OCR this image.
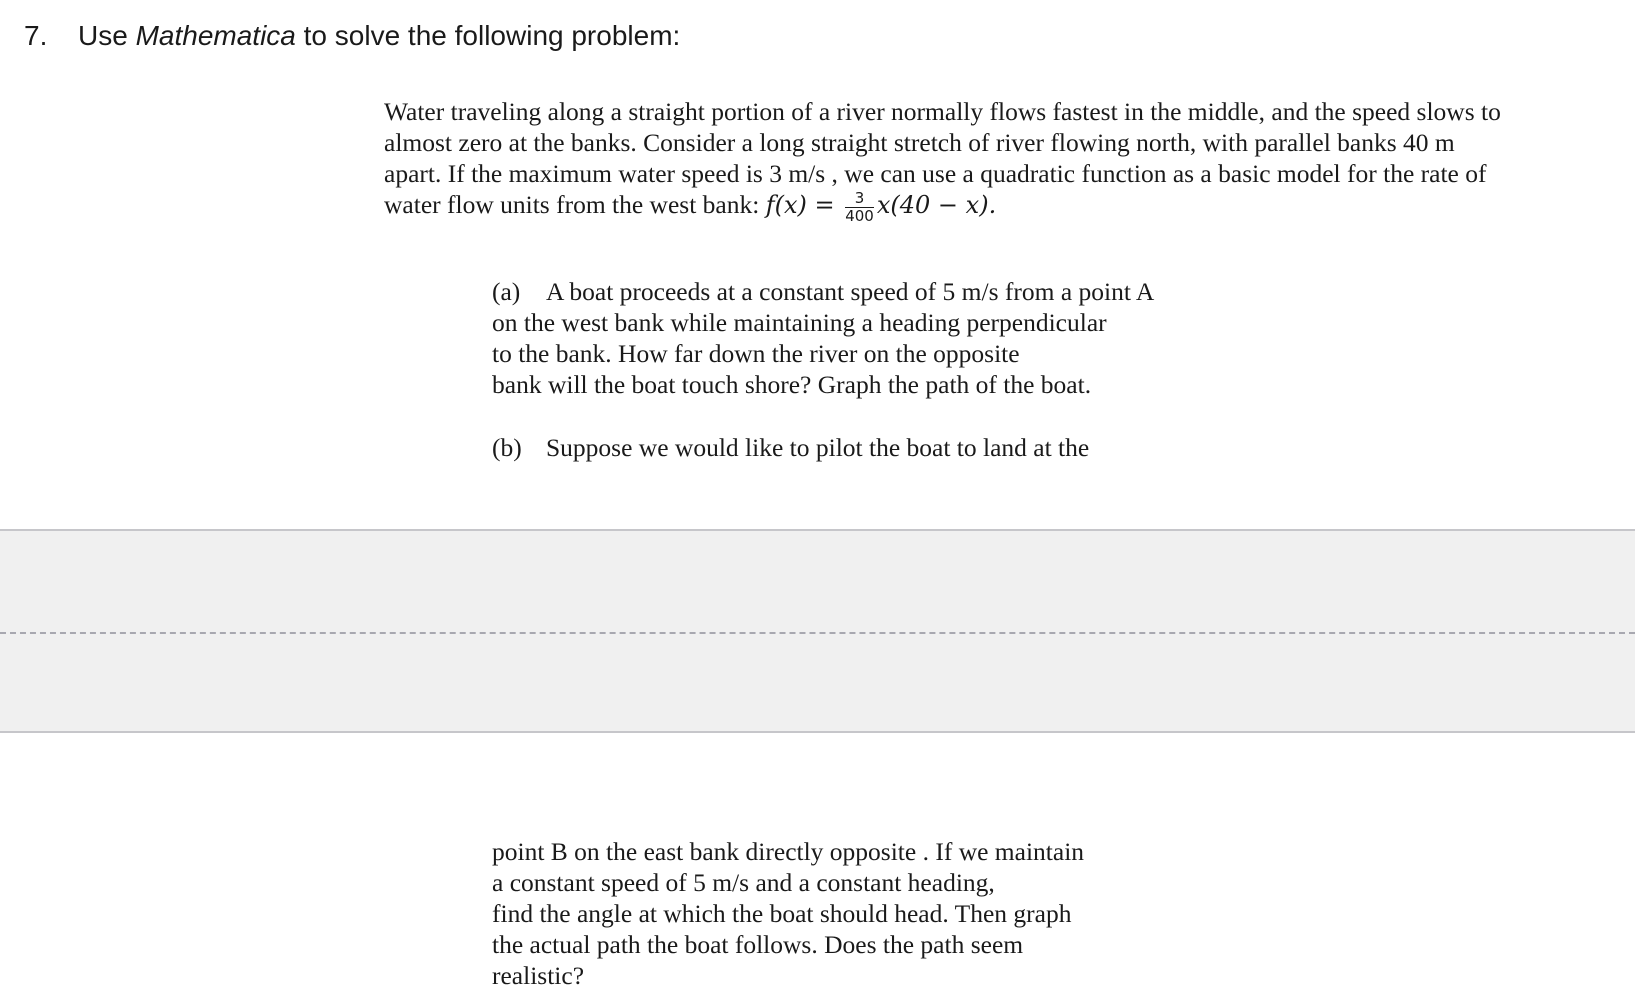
7. Use Mathematica to solve the following problem:
Water traveling along a straight portion of a river normally flows fastest in the middle, and the speed slows to
almost zero at the banks. Consider a long straight stretch of river flowing north, with parallel banks 40 m
apart. If the maximum water speed is 3 m/s , we can use a quadratic function as a basic model for the rate of
water flow units from the west bank: $f(x) = \frac{3}{400} x(40 - x)$.
(a) A boat proceeds at a constant speed of 5 m/s from a point A
on the west bank while maintaining a heading perpendicular
to the bank. How far down the river on the opposite
bank will the boat touch shore? Graph the path of the boat.
(b) Suppose we would like to pilot the boat to land at the
point B on the east bank directly opposite . If we maintain
a constant speed of 5 m/s and a constant heading,
find the angle at which the boat should head. Then graph
the actual path the boat follows. Does the path seem
realistic?
